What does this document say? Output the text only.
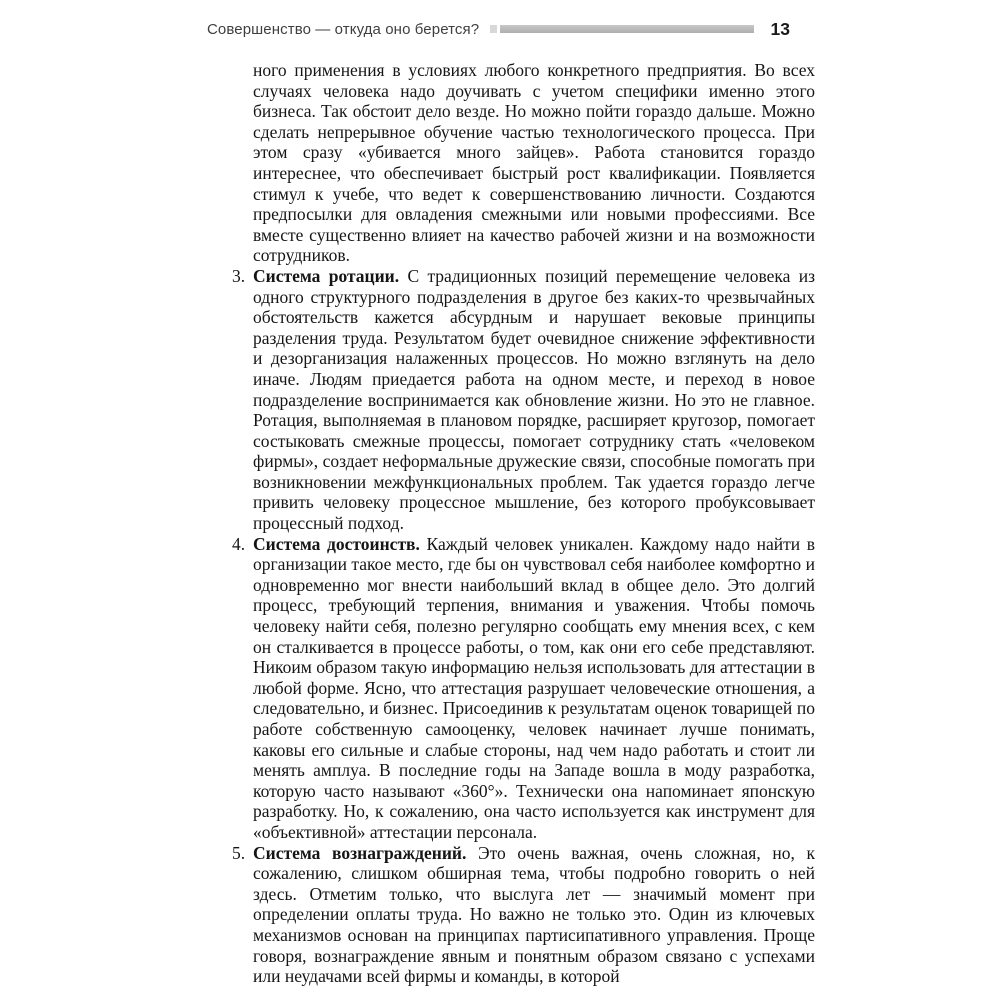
Совершенство — откуда оно берется?	13

ного применения в условиях любого конкретного предприятия. Во всех случаях человека надо доучивать с учетом специфики именно этого бизнеса. Так обстоит дело везде. Но можно пойти гораздо дальше. Можно сделать непрерывное обучение частью технологического процесса. При этом сразу «убивается много зайцев». Работа становится гораздо интереснее, что обеспечивает быстрый рост квалификации. Появляется стимул к учебе, что ведет к совершенствованию личности. Создаются предпосылки для овладения смежными или новыми профессиями. Все вместе существенно влияет на качество рабочей жизни и на возможности сотрудников.

3. Система ротации. С традиционных позиций перемещение человека из одного структурного подразделения в другое без каких-то чрезвычайных обстоятельств кажется абсурдным и нарушает вековые принципы разделения труда. Результатом будет очевидное снижение эффективности и дезорганизация налаженных процессов. Но можно взглянуть на дело иначе. Людям приедается работа на одном месте, и переход в новое подразделение воспринимается как обновление жизни. Но это не главное. Ротация, выполняемая в плановом порядке, расширяет кругозор, помогает состыковать смежные процессы, помогает сотруднику стать «человеком фирмы», создает неформальные дружеские связи, способные помогать при возникновении межфункциональных проблем. Так удается гораздо легче привить человеку процессное мышление, без которого пробуксовывает процессный подход.

4. Система достоинств. Каждый человек уникален. Каждому надо найти в организации такое место, где бы он чувствовал себя наиболее комфортно и одновременно мог внести наибольший вклад в общее дело. Это долгий процесс, требующий терпения, внимания и уважения. Чтобы помочь человеку найти себя, полезно регулярно сообщать ему мнения всех, с кем он сталкивается в процессе работы, о том, как они его себе представляют. Никоим образом такую информацию нельзя использовать для аттестации в любой форме. Ясно, что аттестация разрушает человеческие отношения, а следовательно, и бизнес. Присоединив к результатам оценок товарищей по работе собственную самооценку, человек начинает лучше понимать, каковы его сильные и слабые стороны, над чем надо работать и стоит ли менять амплуа. В последние годы на Западе вошла в моду разработка, которую часто называют «360°». Технически она напоминает японскую разработку. Но, к сожалению, она часто используется как инструмент для «объективной» аттестации персонала.

5. Система вознаграждений. Это очень важная, очень сложная, но, к сожалению, слишком обширная тема, чтобы подробно говорить о ней здесь. Отметим только, что выслуга лет — значимый момент при определении оплаты труда. Но важно не только это. Один из ключевых механизмов основан на принципах партисипативного управления. Проще говоря, вознаграждение явным и понятным образом связано с успехами или неудачами всей фирмы и команды, в которой
